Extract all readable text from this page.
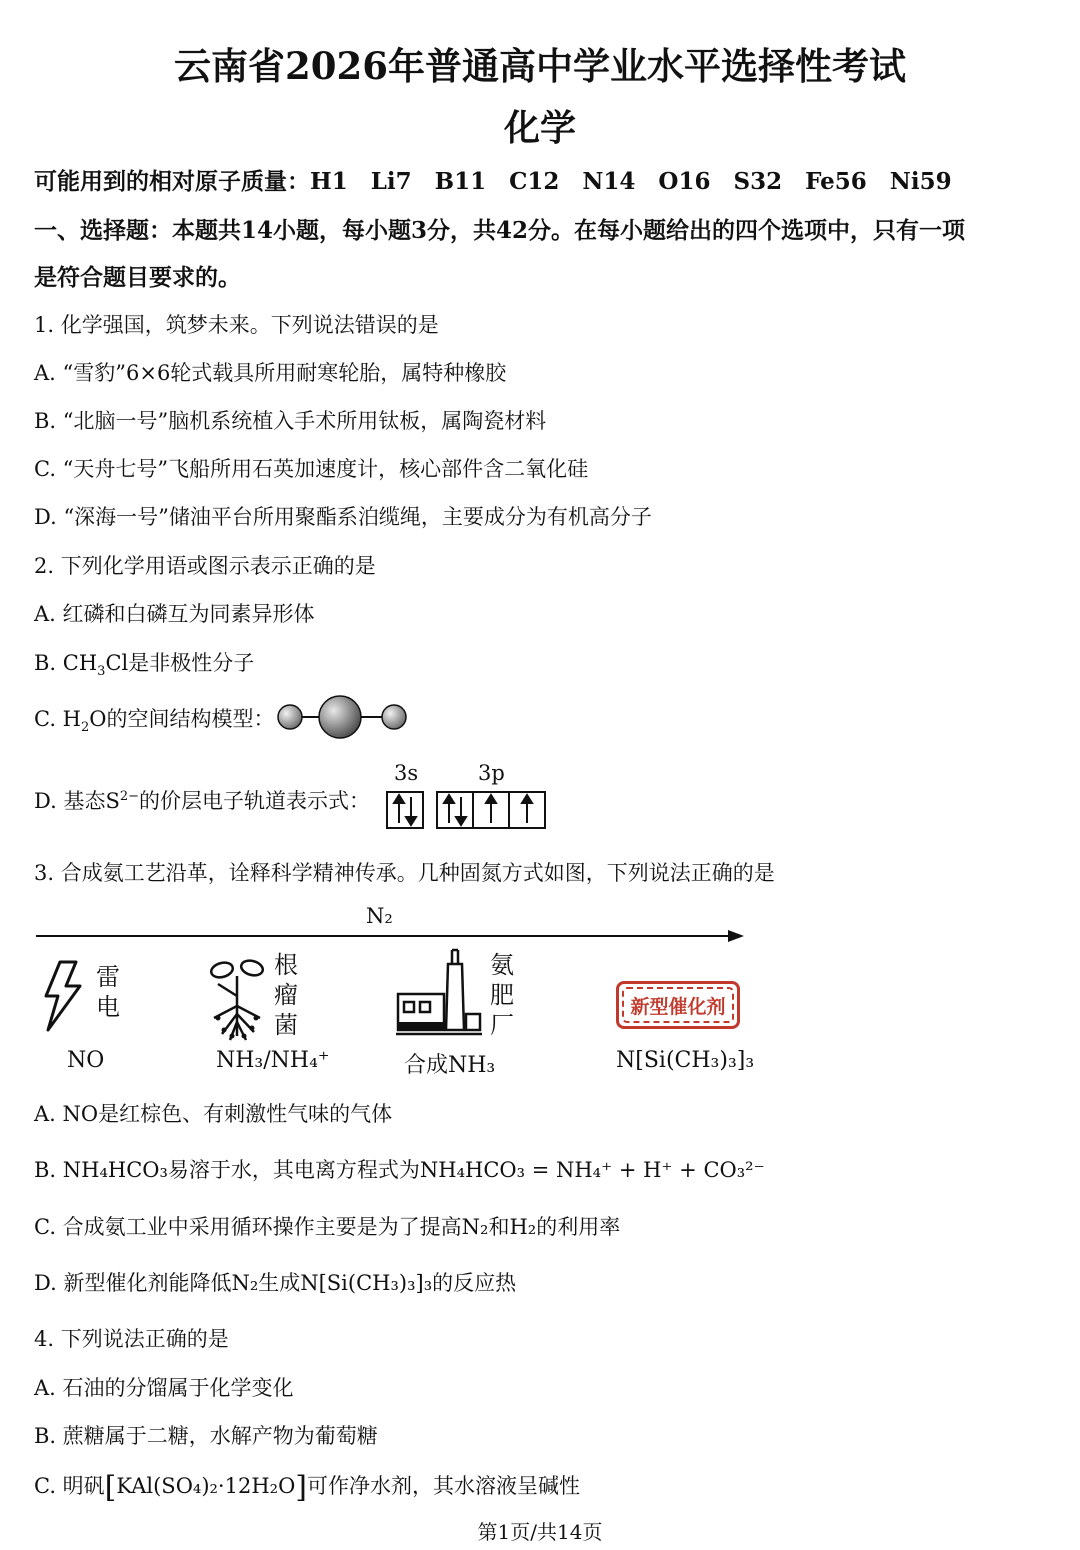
云南省2026年普通高中学业水平选择性考试
化学
可能用到的相对原子质量：H1　Li7　B11　C12　N14　O16　S32　Fe56　Ni59
一、选择题：本题共14小题，每小题3分，共42分。在每小题给出的四个选项中，只有一项
是符合题目要求的。
1. 化学强国，筑梦未来。下列说法错误的是
A. “雪豹”6×6轮式载具所用耐寒轮胎，属特种橡胶
B. “北脑一号”脑机系统植入手术所用钛板，属陶瓷材料
C. “天舟七号”飞船所用石英加速度计，核心部件含二氧化硅
D. “深海一号”储油平台所用聚酯系泊缆绳，主要成分为有机高分子
2. 下列化学用语或图示表示正确的是
A. 红磷和白磷互为同素异形体
B. $CH_3Cl$是非极性分子
C. $H_2O$的空间结构模型：
D. 基态$S^{2-}$的价层电子轨道表示式：
3s	3p
3. 合成氨工艺沿革，诠释科学精神传承。几种固氮方式如图，下列说法正确的是
N₂
雷
电
根
瘤
菌
氨
肥
厂
新型催化剂
NO	NH₃/NH₄⁺	合成NH₃	N[Si(CH₃)₃]₃
A. NO是红棕色、有刺激性气味的气体
B. NH₄HCO₃易溶于水，其电离方程式为NH₄HCO₃ = NH₄⁺ + H⁺ + CO₃²⁻
C. 合成氨工业中采用循环操作主要是为了提高N₂和H₂的利用率
D. 新型催化剂能降低N₂生成N[Si(CH₃)₃]₃的反应热
4. 下列说法正确的是
A. 石油的分馏属于化学变化
B. 蔗糖属于二糖，水解产物为葡萄糖
C. 明矾[KAl(SO₄)₂·12H₂O]可作净水剂，其水溶液呈碱性
第1页/共14页
